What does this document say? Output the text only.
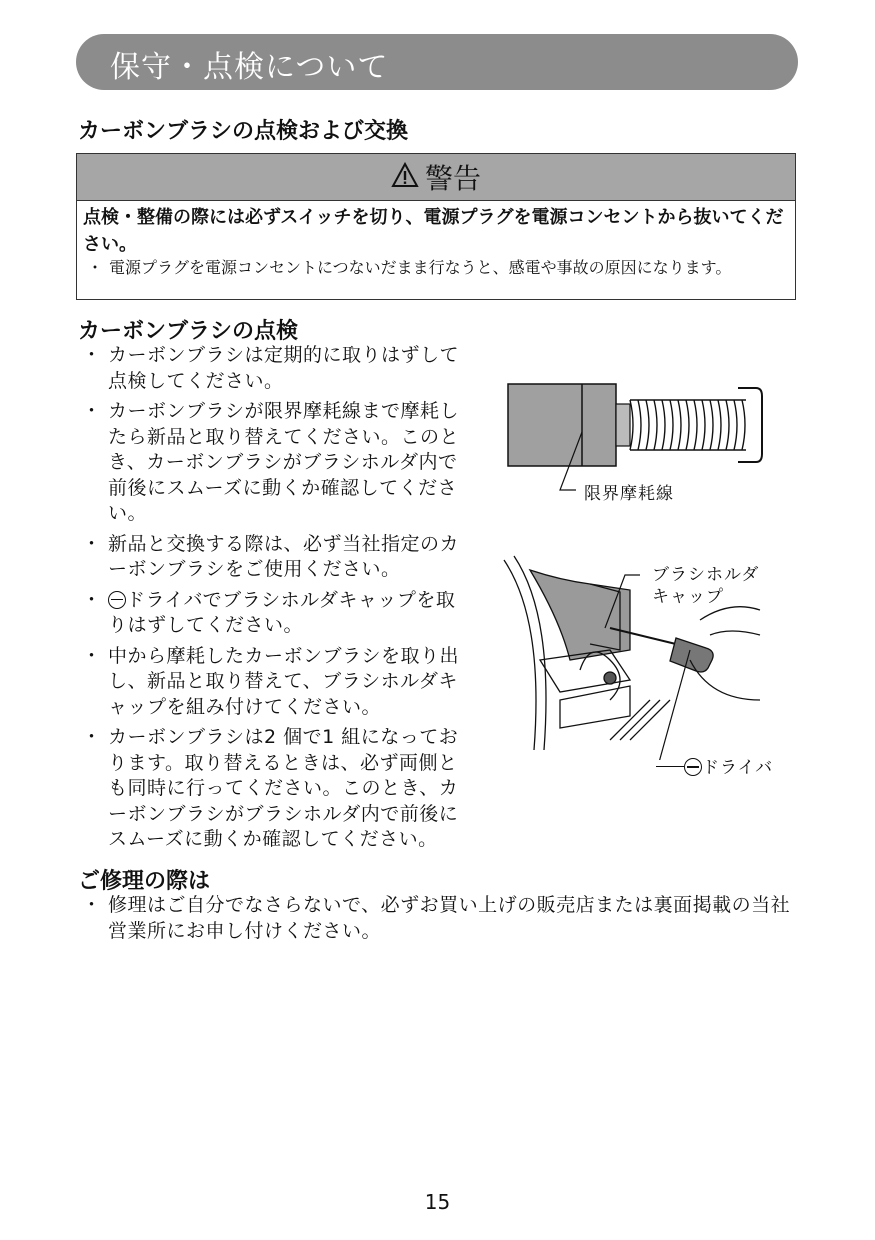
保守・点検について
カーボンブラシの点検および交換
警告
点検・整備の際には必ずスイッチを切り、電源プラグを電源コンセントから抜いてください。
・ 電源プラグを電源コンセントにつないだまま行なうと、感電や事故の原因になります。
カーボンブラシの点検
・ カーボンブラシは定期的に取りはずして点検してください。
・ カーボンブラシが限界摩耗線まで摩耗したら新品と取り替えてください。このとき、カーボンブラシがブラシホルダ内で前後にスムーズに動くか確認してください。
・ 新品と交換する際は、必ず当社指定のカーボンブラシをご使用ください。
・ ドライバでブラシホルダキャップを取りはずしてください。
・ 中から摩耗したカーボンブラシを取り出し、新品と取り替えて、ブラシホルダキャップを組み付けてください。
・ カーボンブラシは2 個で1 組になっております。取り替えるときは、必ず両側とも同時に行ってください。このとき、カーボンブラシがブラシホルダ内で前後にスムーズに動くか確認してください。
限界摩耗線
ブラシホルダ
キャップ
ドライバ
ご修理の際は
・ 修理はご自分でなさらないで、必ずお買い上げの販売店または裏面掲載の当社営業所にお申し付けください。
15
